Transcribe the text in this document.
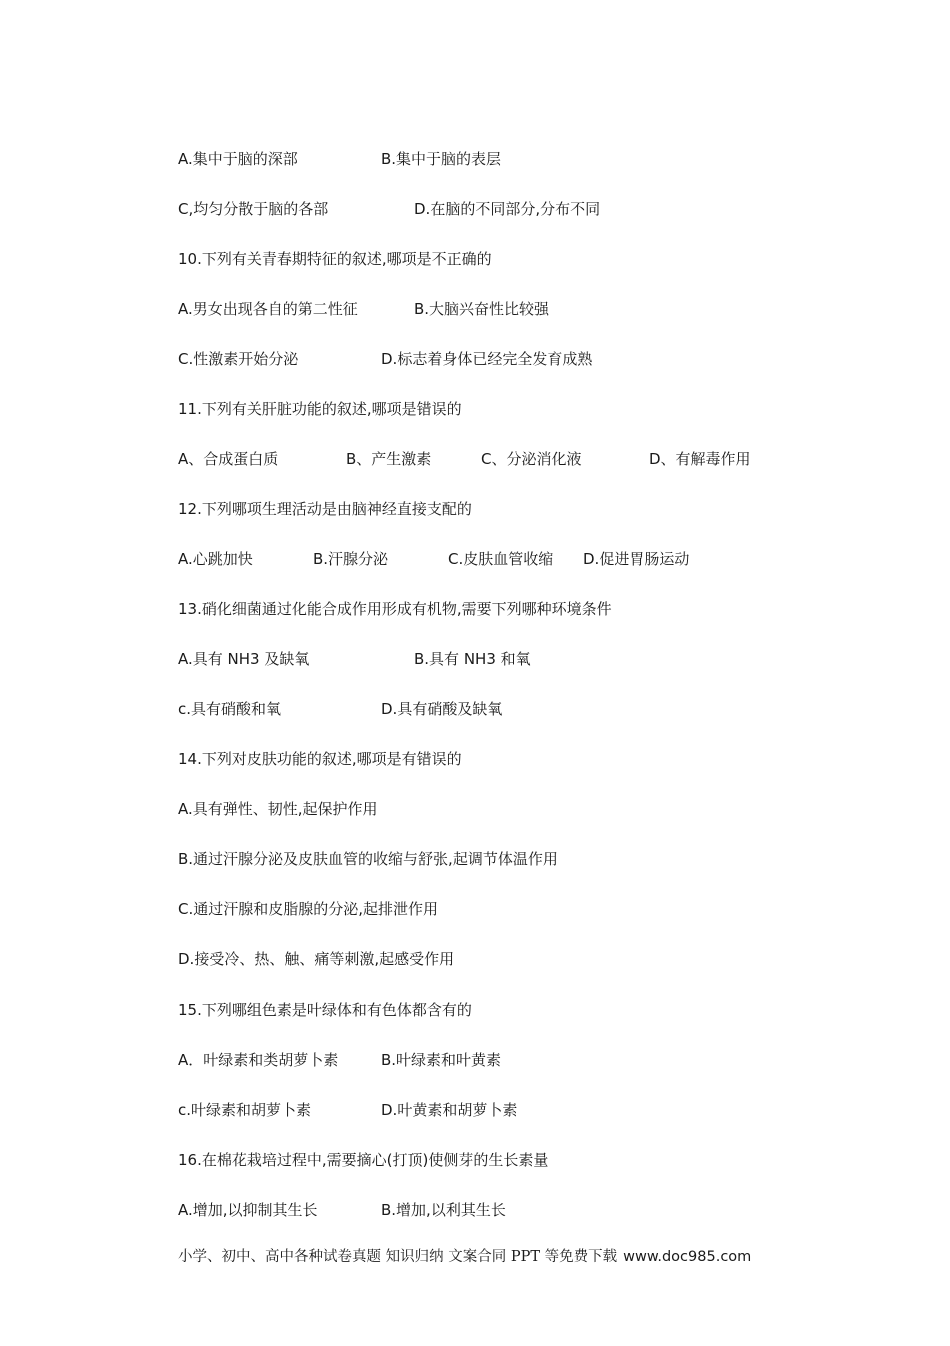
A.集中于脑的深部	B.集中于脑的表层
C,均匀分散于脑的各部	D.在脑的不同部分,分布不同
10.下列有关青春期特征的叙述,哪项是不正确的
A.男女出现各自的第二性征	B.大脑兴奋性比较强
C.性激素开始分泌	D.标志着身体已经完全发育成熟
11.下列有关肝脏功能的叙述,哪项是错误的
A、合成蛋白质	B、产生激素	C、分泌消化液	D、有解毒作用
12.下列哪项生理活动是由脑神经直接支配的
A.心跳加快	B.汗腺分泌	C.皮肤血管收缩 D.促进胃肠运动
13.硝化细菌通过化能合成作用形成有机物,需要下列哪种环境条件
A.具有 NH3 及缺氧	B.具有 NH3 和氧
c.具有硝酸和氧	D.具有硝酸及缺氧
14.下列对皮肤功能的叙述,哪项是有错误的
A.具有弹性、韧性,起保护作用
B.通过汗腺分泌及皮肤血管的收缩与舒张,起调节体温作用
C.通过汗腺和皮脂腺的分泌,起排泄作用
D.接受冷、热、触、痛等刺激,起感受作用
15.下列哪组色素是叶绿体和有色体都含有的
A．叶绿素和类胡萝卜素	B.叶绿素和叶黄素
c.叶绿素和胡萝卜素	D.叶黄素和胡萝卜素
16.在棉花栽培过程中,需要摘心(打顶)使侧芽的生长素量
A.增加,以抑制其生长	B.增加,以利其生长
小学、初中、高中各种试卷真题 知识归纳 文案合同 PPT 等免费下载 www.doc985.com
